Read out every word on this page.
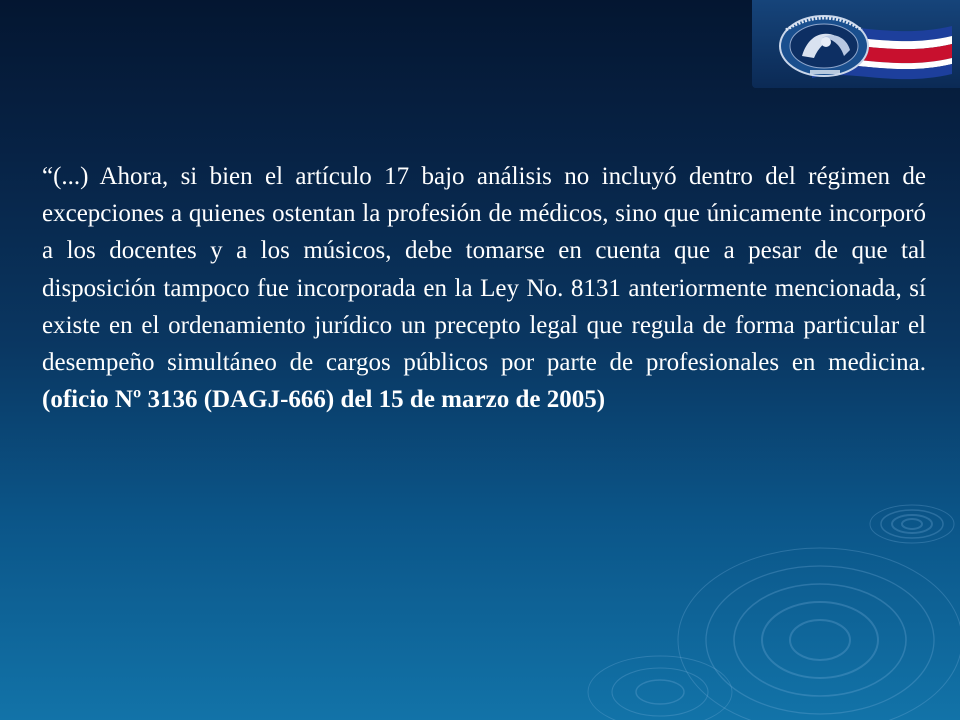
“(...) Ahora, si bien el artículo 17 bajo análisis no incluyó dentro del régimen de excepciones a quienes ostentan la profesión de médicos, sino que únicamente incorporó a los docentes y a los músicos, debe tomarse en cuenta que a pesar de que tal disposición tampoco fue incorporada en la Ley No. 8131 anteriormente mencionada, sí existe en el ordenamiento jurídico un precepto legal que regula de forma particular el desempeño simultáneo de cargos públicos por parte de profesionales en medicina. (oficio Nº 3136 (DAGJ-666) del 15 de marzo de 2005)
